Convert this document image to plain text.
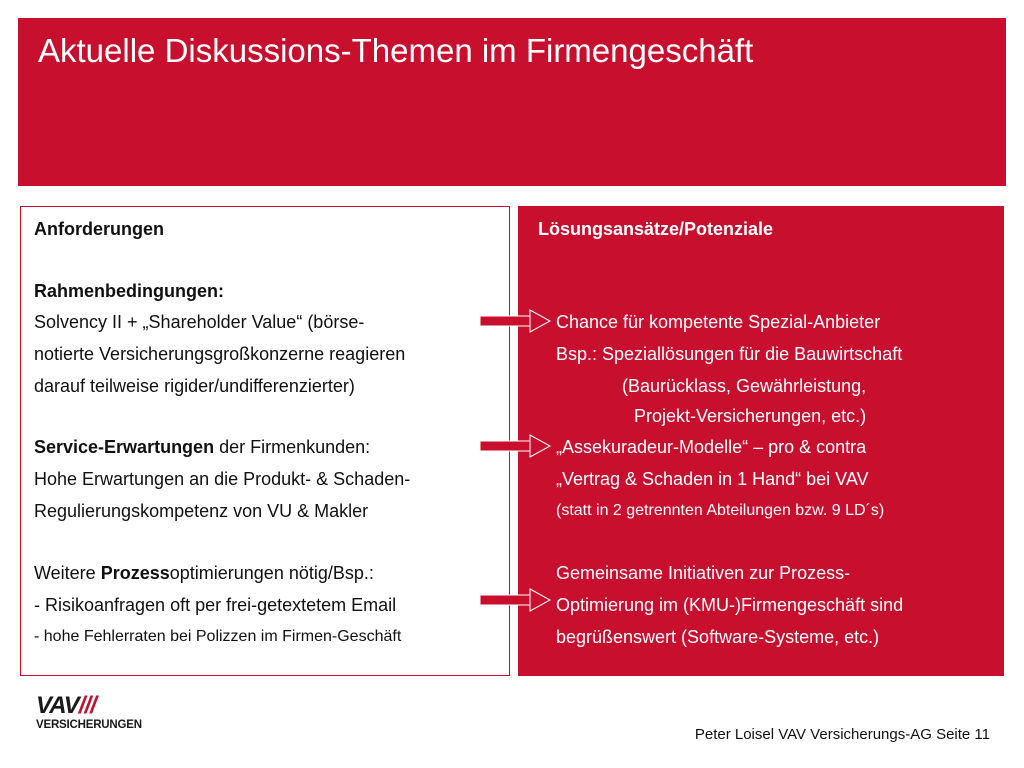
Aktuelle Diskussions-Themen im Firmengeschäft
Anforderungen
Rahmenbedingungen:
Solvency II + „Shareholder Value“ (börse-
notierte Versicherungsgroßkonzerne reagieren
darauf teilweise rigider/undifferenzierter)
Service-Erwartungen der Firmenkunden:
Hohe Erwartungen an die Produkt- & Schaden-
Regulierungskompetenz von VU & Makler
Weitere Prozessoptimierungen nötig/Bsp.:
- Risikoanfragen oft per frei-getextetem Email
- hohe Fehlerraten bei Polizzen im Firmen-Geschäft
Lösungsansätze/Potenziale
Chance für kompetente Spezial-Anbieter
Bsp.: Speziallösungen für die Bauwirtschaft
(Baurücklass, Gewährleistung,
Projekt-Versicherungen, etc.)
„Assekuradeur-Modelle“ – pro & contra
„Vertrag & Schaden in 1 Hand“ bei VAV
(statt in 2 getrennten Abteilungen bzw. 9 LD´s)
Gemeinsame Initiativen zur Prozess-
Optimierung im (KMU-)Firmengeschäft sind
begrüßenswert (Software-Systeme, etc.)
VAV///
VERSICHERUNGEN
Peter Loisel VAV Versicherungs-AG Seite 11
